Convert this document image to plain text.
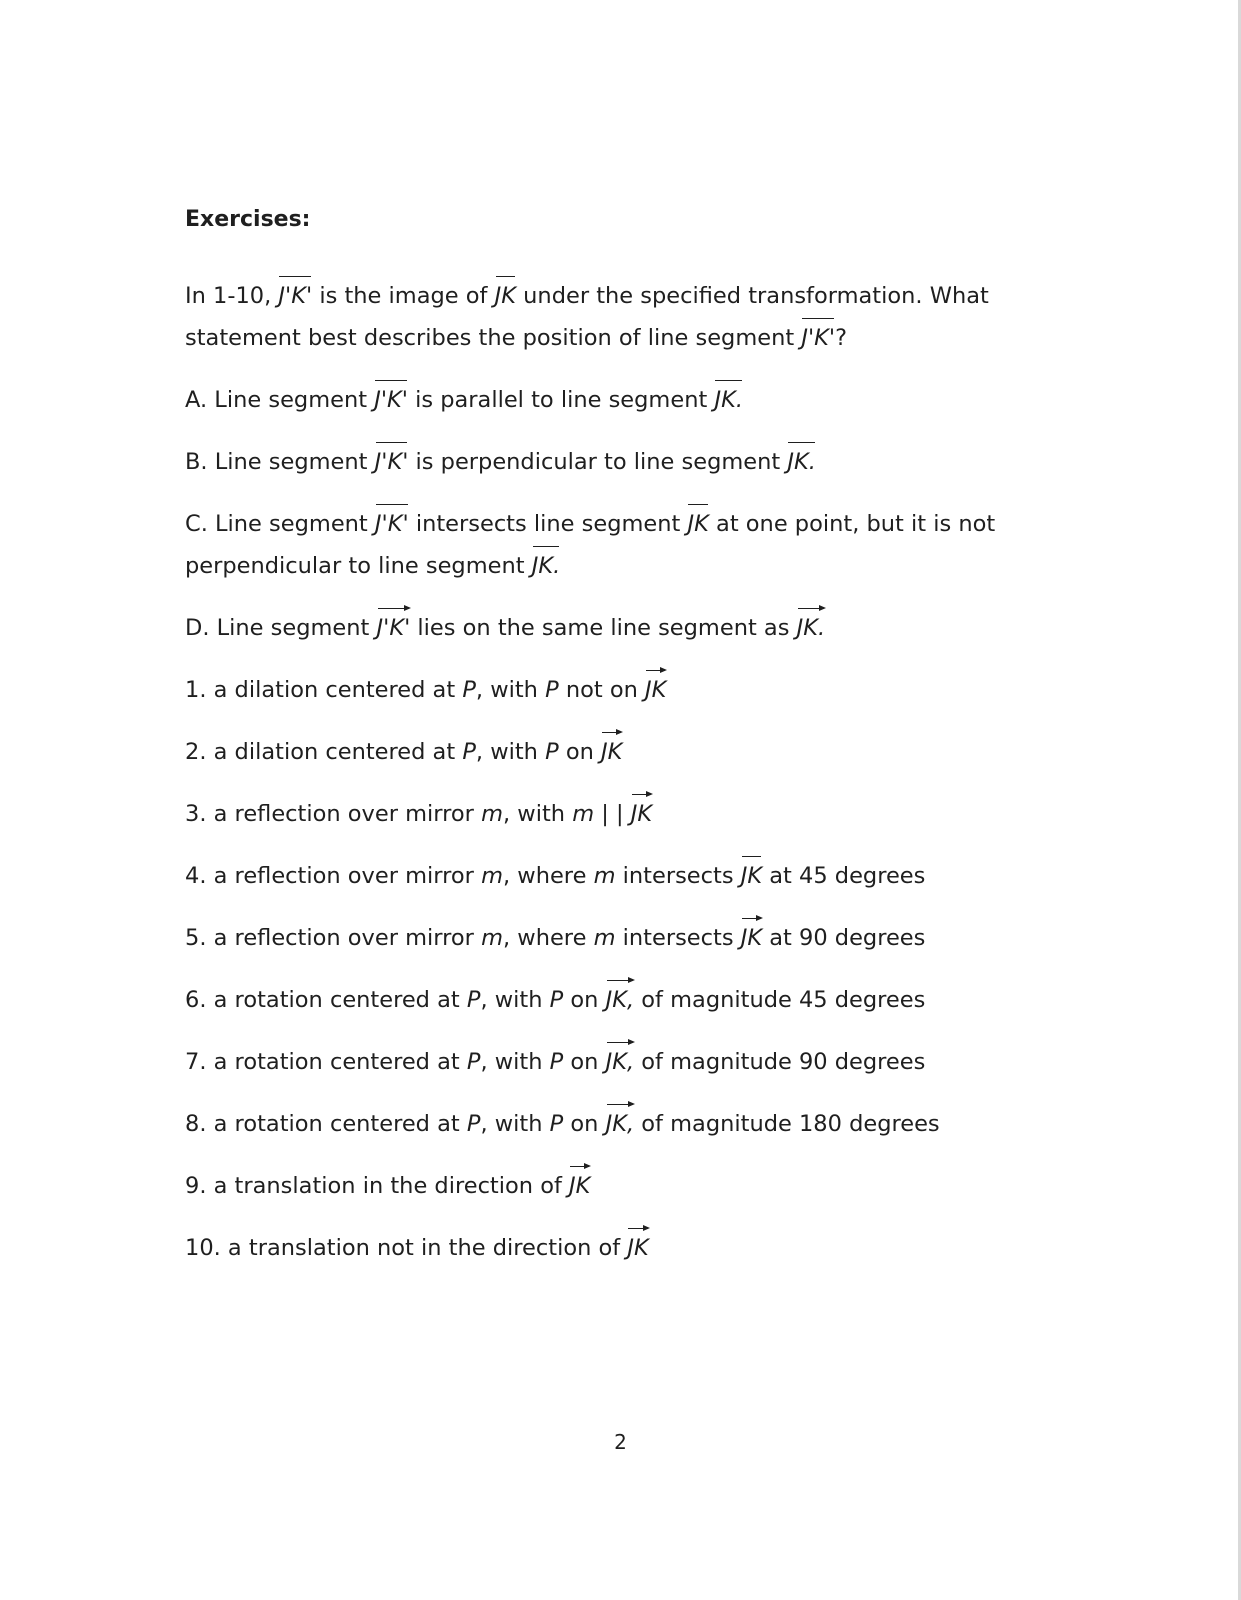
Exercises:
In 1-10, J'K' is the image of JK under the specified transformation. What
statement best describes the position of line segment J'K'?
A. Line segment J'K' is parallel to line segment JK.
B. Line segment J'K' is perpendicular to line segment JK.
C. Line segment J'K' intersects line segment JK at one point, but it is not
perpendicular to line segment JK.
D. Line segment J'K' lies on the same line segment as JK.
1. a dilation centered at P, with P not on JK
2. a dilation centered at P, with P on JK
3. a reflection over mirror m, with m | | JK
4. a reflection over mirror m, where m intersects JK at 45 degrees
5. a reflection over mirror m, where m intersects JK at 90 degrees
6. a rotation centered at P, with P on JK, of magnitude 45 degrees
7. a rotation centered at P, with P on JK, of magnitude 90 degrees
8. a rotation centered at P, with P on JK, of magnitude 180 degrees
9. a translation in the direction of JK
10. a translation not in the direction of JK
2
